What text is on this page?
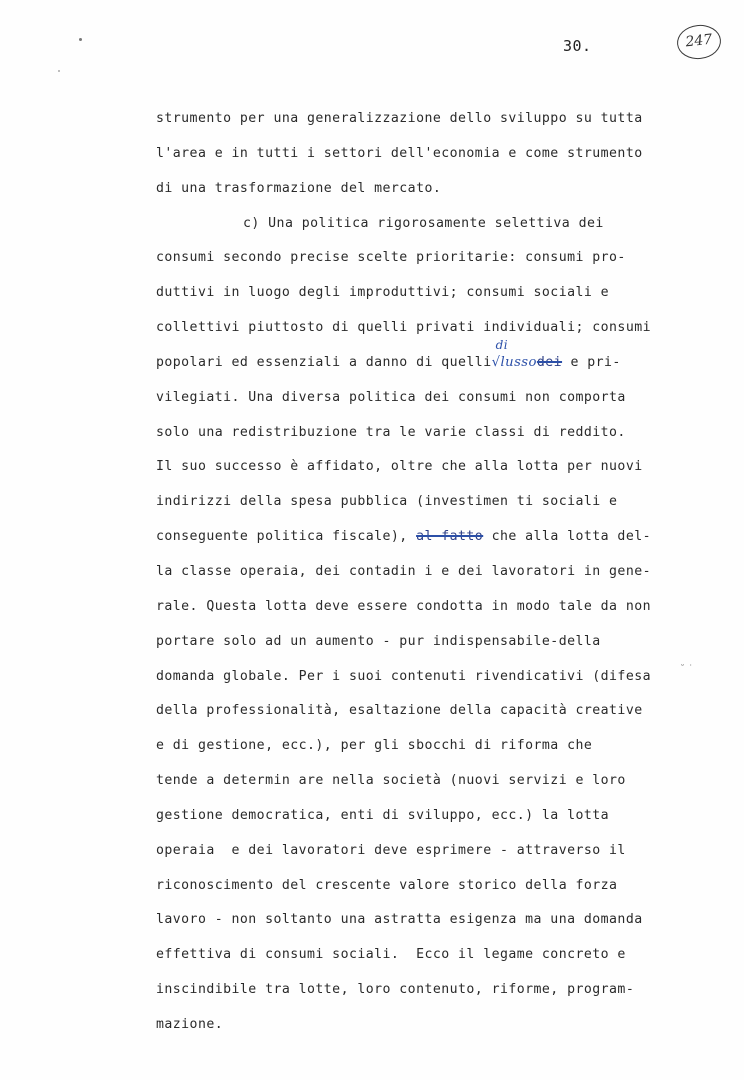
30.	247
strumento per una generalizzazione dello sviluppo su tutta
l'area e in tutti i settori dell'economia e come strumento
di una trasformazione del mercato.
c) Una politica rigorosamente selettiva dei
consumi secondo precise scelte prioritarie: consumi pro-
duttivi in luogo degli improduttivi; consumi sociali e
collettivi piuttosto di quelli privati individuali; consumi
popolari ed essenziali a danno di quelli
di
√lussodei e pri-
vilegiati. Una diversa politica dei consumi non comporta
solo una redistribuzione tra le varie classi di reddito.
Il suo successo è affidato, oltre che alla lotta per nuovi
indirizzi della spesa pubblica (investimen ti sociali e
conseguente politica fiscale), al fatto che alla lotta del-
la classe operaia, dei contadin i e dei lavoratori in gene-
rale. Questa lotta deve essere condotta in modo tale da non
portare solo ad un aumento - pur indispensabile-della
domanda globale. Per i suoi contenuti rivendicativi (difesa
della professionalità, esaltazione della capacità creative
e di gestione, ecc.), per gli sbocchi di riforma che
tende a determin are nella società (nuovi servizi e loro
gestione democratica, enti di sviluppo, ecc.) la lotta
operaia  e dei lavoratori deve esprimere - attraverso il
riconoscimento del crescente valore storico della forza
lavoro - non soltanto una astratta esigenza ma una domanda
effettiva di consumi sociali.  Ecco il legame concreto e
inscindibile tra lotte, loro contenuto, riforme, program-
mazione.
˘ ˙
